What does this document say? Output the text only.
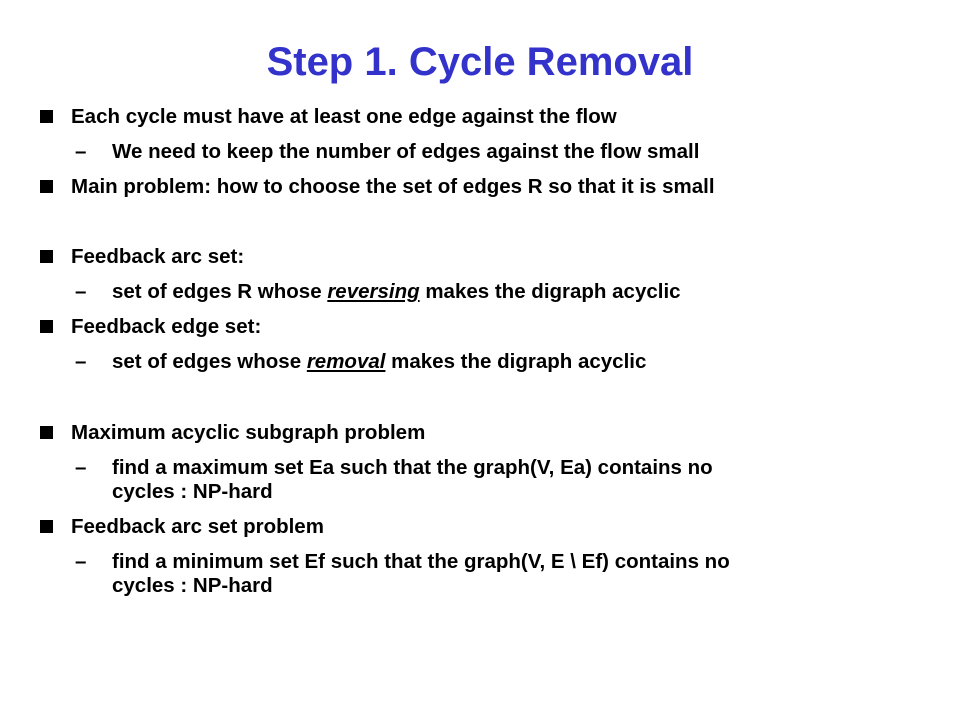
Step 1. Cycle Removal
Each cycle must have at least one edge against the flow
– We need to keep the number of edges against the flow small
Main problem: how to choose the set of edges R so that it is small
Feedback arc set:
– set of edges R whose reversing makes the digraph acyclic
Feedback edge set:
– set of edges whose removal makes the digraph acyclic
Maximum acyclic subgraph problem
– find a maximum set Ea such that the graph(V, Ea) contains no
cycles : NP-hard
Feedback arc set problem
– find a minimum set Ef such that the graph(V, E \ Ef) contains no
cycles : NP-hard
